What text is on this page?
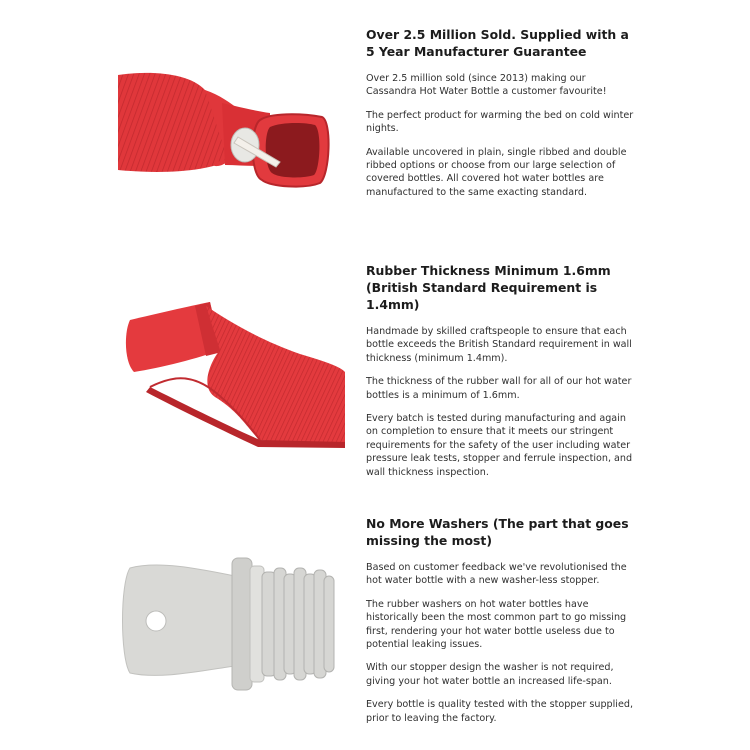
Over 2.5 Million Sold. Supplied with a 5 Year Manufacturer Guarantee

Over 2.5 million sold (since 2013) making our Cassandra Hot Water Bottle a customer favourite!

The perfect product for warming the bed on cold winter nights.

Available uncovered in plain, single ribbed and double ribbed options or choose from our large selection of covered bottles. All covered hot water bottles are manufactured to the same exacting standard.

Rubber Thickness Minimum 1.6mm (British Standard Requirement is 1.4mm)

Handmade by skilled craftspeople to ensure that each bottle exceeds the British Standard requirement in wall thickness (minimum 1.4mm).

The thickness of the rubber wall for all of our hot water bottles is a minimum of 1.6mm.

Every batch is tested during manufacturing and again on completion to ensure that it meets our stringent requirements for the safety of the user including water pressure leak tests, stopper and ferrule inspection, and wall thickness inspection.

No More Washers (The part that goes missing the most)

Based on customer feedback we've revolutionised the hot water bottle with a new washer-less stopper.

The rubber washers on hot water bottles have historically been the most common part to go missing first, rendering your hot water bottle useless due to potential leaking issues.

With our stopper design the washer is not required, giving your hot water bottle an increased life-span.

Every bottle is quality tested with the stopper supplied, prior to leaving the factory.
